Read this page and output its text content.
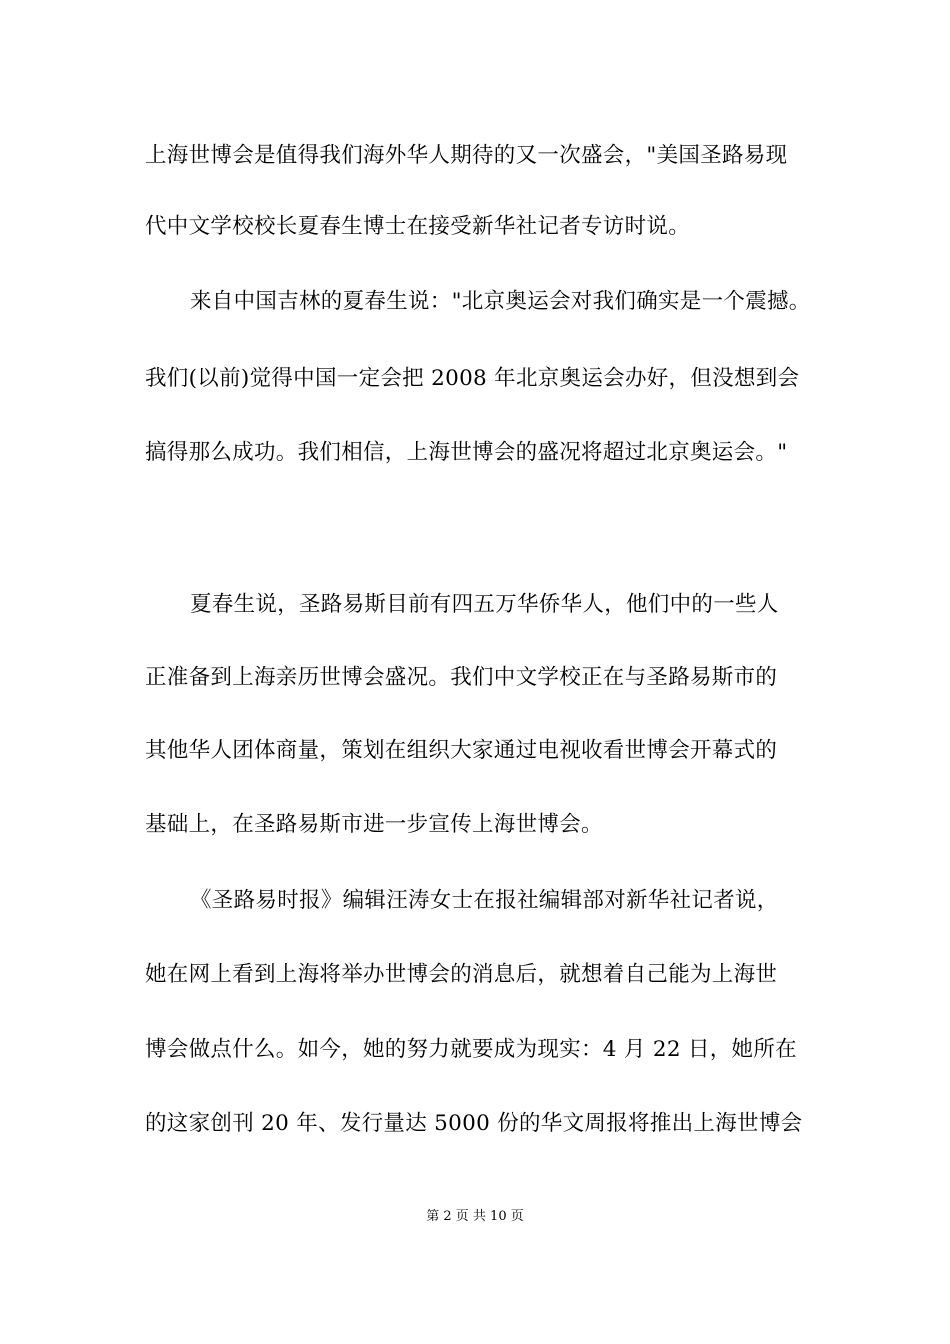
上海世博会是值得我们海外华人期待的又一次盛会，"美国圣路易现
代中文学校校长夏春生博士在接受新华社记者专访时说。
来自中国吉林的夏春生说："北京奥运会对我们确实是一个震撼。
我们(以前)觉得中国一定会把 2008 年北京奥运会办好，但没想到会
搞得那么成功。我们相信，上海世博会的盛况将超过北京奥运会。"
夏春生说，圣路易斯目前有四五万华侨华人，他们中的一些人
正准备到上海亲历世博会盛况。我们中文学校正在与圣路易斯市的
其他华人团体商量，策划在组织大家通过电视收看世博会开幕式的
基础上，在圣路易斯市进一步宣传上海世博会。
《圣路易时报》编辑汪涛女士在报社编辑部对新华社记者说，
她在网上看到上海将举办世博会的消息后，就想着自己能为上海世
博会做点什么。如今，她的努力就要成为现实：4 月 22 日，她所在
的这家创刊 20 年、发行量达 5000 份的华文周报将推出上海世博会
第 2 页 共 10 页
